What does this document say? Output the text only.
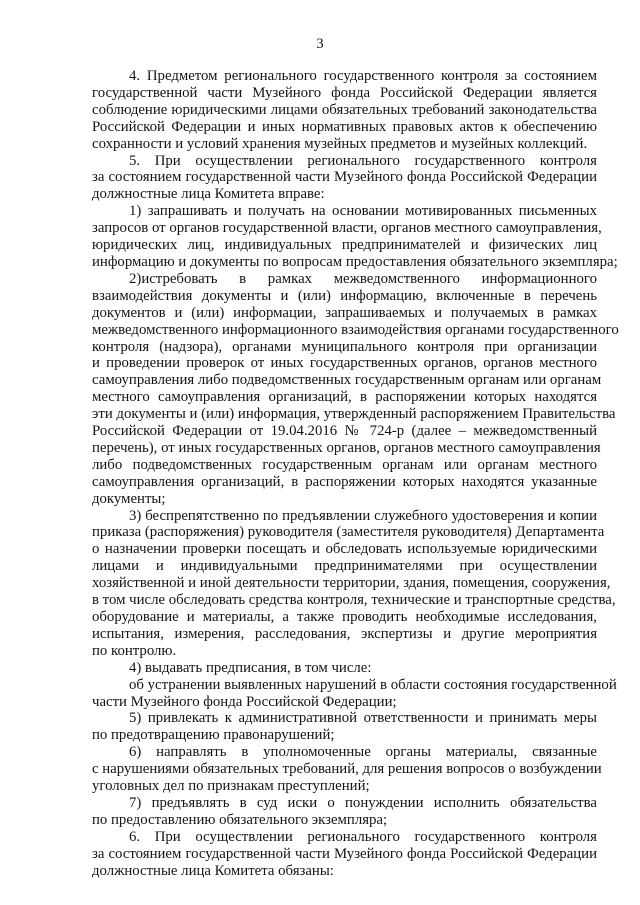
3
4. Предметом регионального государственного контроля за состоянием
государственной части Музейного фонда Российской Федерации является
соблюдение юридическими лицами обязательных требований законодательства
Российской Федерации и иных нормативных правовых актов к обеспечению
сохранности и условий хранения музейных предметов и музейных коллекций.
5. При осуществлении регионального государственного контроля
за состоянием государственной части Музейного фонда Российской Федерации
должностные лица Комитета вправе:
1) запрашивать и получать на основании мотивированных письменных
запросов от органов государственной власти, органов местного самоуправления,
юридических лиц, индивидуальных предпринимателей и физических лиц
информацию и документы по вопросам предоставления обязательного экземпляра;
2)истребовать в рамках межведомственного информационного
взаимодействия документы и (или) информацию, включенные в перечень
документов и (или) информации, запрашиваемых и получаемых в рамках
межведомственного информационного взаимодействия органами государственного
контроля (надзора), органами муниципального контроля при организации
и проведении проверок от иных государственных органов, органов местного
самоуправления либо подведомственных государственным органам или органам
местного самоуправления организаций, в распоряжении которых находятся
эти документы и (или) информация, утвержденный распоряжением Правительства
Российской Федерации от 19.04.2016 № 724-р (далее – межведомственный
перечень), от иных государственных органов, органов местного самоуправления
либо подведомственных государственным органам или органам местного
самоуправления организаций, в распоряжении которых находятся указанные
документы;
3) беспрепятственно по предъявлении служебного удостоверения и копии
приказа (распоряжения) руководителя (заместителя руководителя) Департамента
о назначении проверки посещать и обследовать используемые юридическими
лицами и индивидуальными предпринимателями при осуществлении
хозяйственной и иной деятельности территории, здания, помещения, сооружения,
в том числе обследовать средства контроля, технические и транспортные средства,
оборудование и материалы, а также проводить необходимые исследования,
испытания, измерения, расследования, экспертизы и другие мероприятия
по контролю.
4) выдавать предписания, в том числе:
об устранении выявленных нарушений в области состояния государственной
части Музейного фонда Российской Федерации;
5) привлекать к административной ответственности и принимать меры
по предотвращению правонарушений;
6) направлять в уполномоченные органы материалы, связанные
с нарушениями обязательных требований, для решения вопросов о возбуждении
уголовных дел по признакам преступлений;
7) предъявлять в суд иски о понуждении исполнить обязательства
по предоставлению обязательного экземпляра;
6. При осуществлении регионального государственного контроля
за состоянием государственной части Музейного фонда Российской Федерации
должностные лица Комитета обязаны:
